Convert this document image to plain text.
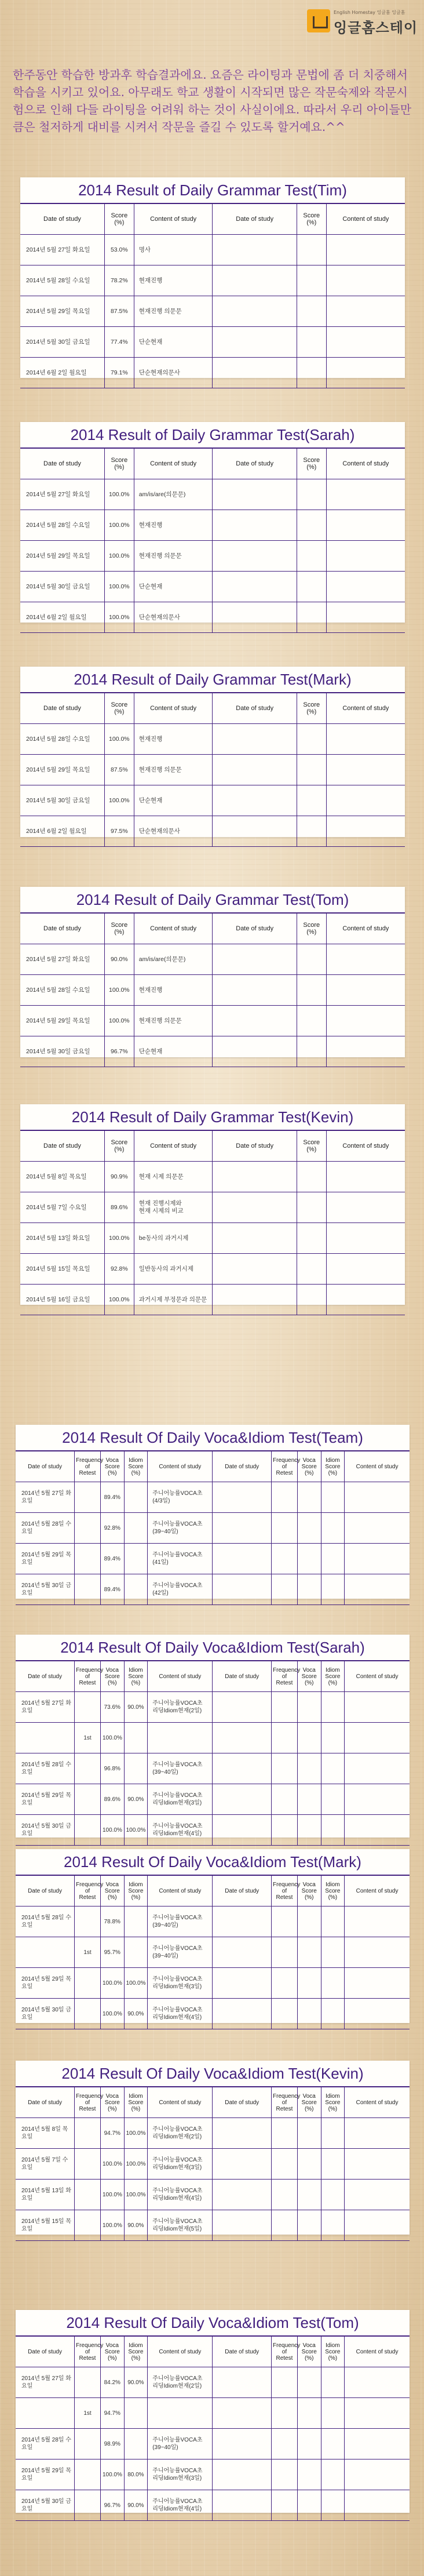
English Homestay 잉글홈 잉글홈
잉글홈스테이
한주동안 학습한 방과후 학습결과에요. 요즘은 라이팅과 문법에 좀 더 치중해서 학습을 시키고 있어요. 아무래도 학교 생활이 시작되면 많은 작문숙제와 작문시험으로 인해 다들 라이팅을 어려워 하는 것이 사실이에요. 따라서 우리 아이들만큼은 철저하게 대비를 시켜서 작문을 즐길 수 있도록 할거예요.^^
2014 Result of Daily Grammar Test(Tim)
Date of study	Score (%)	Content of study	Date of study	Score (%)	Content of study
2014년 5월 27일 화요일	53.0%	명사			
2014년 5월 28일 수요일	78.2%	현재진행			
2014년 5월 29일 목요일	87.5%	현재진행 의문문			
2014년 5월 30일 금요일	77.4%	단순현재			
2014년 6월 2일 월요일	79.1%	단순현재의문사			
2014 Result of Daily Grammar Test(Sarah)
Date of study	Score (%)	Content of study	Date of study	Score (%)	Content of study
2014년 5월 27일 화요일	100.0%	am/is/are(의문문)			
2014년 5월 28일 수요일	100.0%	현재진행			
2014년 5월 29일 목요일	100.0%	현재진행 의문문			
2014년 5월 30일 금요일	100.0%	단순현재			
2014년 6월 2일 월요일	100.0%	단순현재의문사			
2014 Result of Daily Grammar Test(Mark)
Date of study	Score (%)	Content of study	Date of study	Score (%)	Content of study
2014년 5월 28일 수요일	100.0%	현재진행			
2014년 5월 29일 목요일	87.5%	현재진행 의문문			
2014년 5월 30일 금요일	100.0%	단순현재			
2014년 6월 2일 월요일	97.5%	단순현재의문사			
2014 Result of Daily Grammar Test(Tom)
Date of study	Score (%)	Content of study	Date of study	Score (%)	Content of study
2014년 5월 27일 화요일	90.0%	am/is/are(의문문)			
2014년 5월 28일 수요일	100.0%	현재진행			
2014년 5월 29일 목요일	100.0%	현재진행 의문문			
2014년 5월 30일 금요일	96.7%	단순현재			
2014 Result of Daily Grammar Test(Kevin)
Date of study	Score (%)	Content of study	Date of study	Score (%)	Content of study
2014년 5월 8일 목요일	90.9%	현재 시제 의문문			
2014년 5월 7일 수요일	89.6%	현재 진행시제와
현재 시제의 비교			
2014년 5월 13일 화요일	100.0%	be동사의 과거시제			
2014년 5월 15일 목요일	92.8%	일반동사의 과거시제			
2014년 5월 16일 금요일	100.0%	과거시제 부정문과 의문문			
2014 Result Of Daily Voca&Idiom Test(Team)
Date of study	Frequency of Retest	Voca Score (%)	Idiom Score (%)	Content of study	Date of study	Frequency of Retest	Voca Score (%)	Idiom Score (%)	Content of study
2014년 5월 27일 화요일		89.4%		주니어능률VOCA초
(4/3일)					
2014년 5월 28일 수요일		92.8%		주니어능률VOCA초
(39~40일)					
2014년 5월 29일 목요일		89.4%		주니어능률VOCA초
(41일)					
2014년 5월 30일 금요일		89.4%		주니어능률VOCA초
(42일)					
2014 Result Of Daily Voca&Idiom Test(Sarah)
Date of study	Frequency of Retest	Voca Score (%)	Idiom Score (%)	Content of study	Date of study	Frequency of Retest	Voca Score (%)	Idiom Score (%)	Content of study
2014년 5월 27일 화요일		73.6%	90.0%	주니어능률VOCA초
리딩Idiom현재(2일)					
	1st	100.0%							
2014년 5월 28일 수요일		96.8%		주니어능률VOCA초
(39~40일)					
2014년 5월 29일 목요일		89.6%	90.0%	주니어능률VOCA초
리딩Idiom현재(3일)					
2014년 5월 30일 금요일		100.0%	100.0%	주니어능률VOCA초
리딩Idiom현재(4일)					
2014 Result Of Daily Voca&Idiom Test(Mark)
Date of study	Frequency of Retest	Voca Score (%)	Idiom Score (%)	Content of study	Date of study	Frequency of Retest	Voca Score (%)	Idiom Score (%)	Content of study
2014년 5월 28일 수요일		78.8%		주니어능률VOCA초
(39~40일)					
	1st	95.7%		주니어능률VOCA초
(39~40일)					
2014년 5월 29일 목요일		100.0%	100.0%	주니어능률VOCA초
리딩Idiom현재(3일)					
2014년 5월 30일 금요일		100.0%	90.0%	주니어능률VOCA초
리딩Idiom현재(4일)					
2014 Result Of Daily Voca&Idiom Test(Kevin)
Date of study	Frequency of Retest	Voca Score (%)	Idiom Score (%)	Content of study	Date of study	Frequency of Retest	Voca Score (%)	Idiom Score (%)	Content of study
2014년 5월 8일 목요일		94.7%	100.0%	주니어능률VOCA초
리딩Idiom현재(2일)					
2014년 5월 7일 수요일		100.0%	100.0%	주니어능률VOCA초
리딩Idiom현재(3일)					
2014년 5월 13일 화요일		100.0%	100.0%	주니어능률VOCA초
리딩Idiom현재(4일)					
2014년 5월 15일 목요일		100.0%	90.0%	주니어능률VOCA초
리딩Idiom현재(5일)					
2014 Result Of Daily Voca&Idiom Test(Tom)
Date of study	Frequency of Retest	Voca Score (%)	Idiom Score (%)	Content of study	Date of study	Frequency of Retest	Voca Score (%)	Idiom Score (%)	Content of study
2014년 5월 27일 화요일		84.2%	90.0%	주니어능률VOCA초
리딩Idiom현재(2일)					
	1st	94.7%							
2014년 5월 28일 수요일		98.9%		주니어능률VOCA초
(39~40일)					
2014년 5월 29일 목요일		100.0%	80.0%	주니어능률VOCA초
리딩Idiom현재(3일)					
2014년 5월 30일 금요일		96.7%	90.0%	주니어능률VOCA초
리딩Idiom현재(4일)					
